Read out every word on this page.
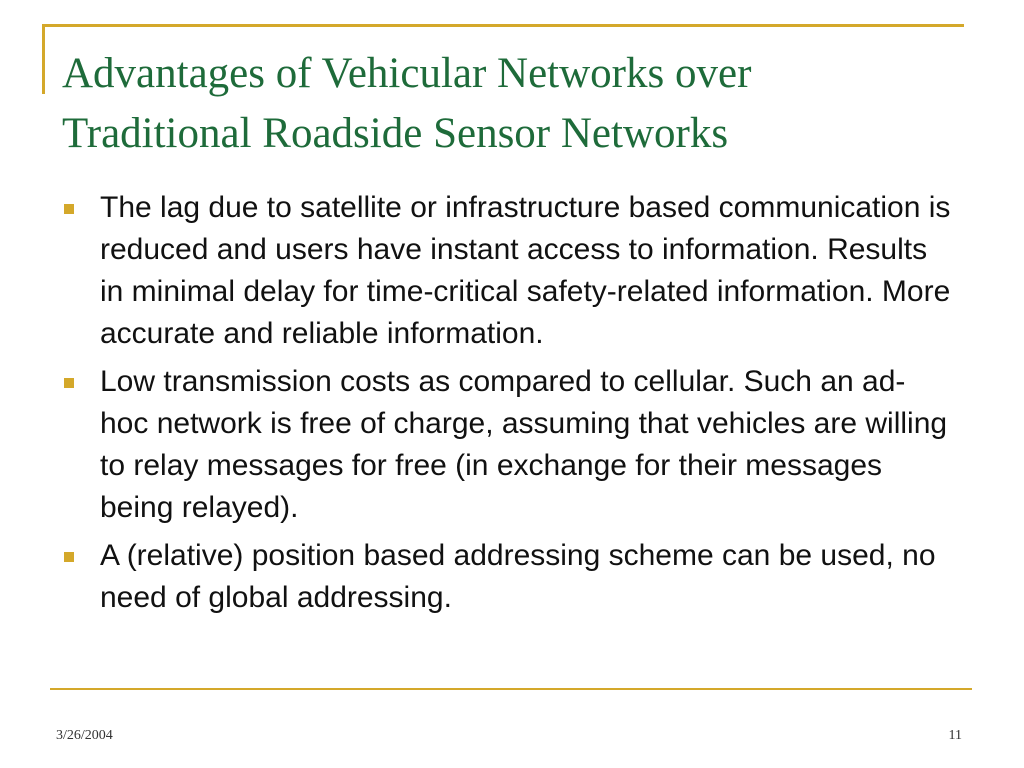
Advantages of Vehicular Networks over
Traditional Roadside Sensor Networks
The lag due to satellite or infrastructure based communication is reduced and users have instant access to information. Results in minimal delay for time-critical safety-related information. More accurate and reliable information.
Low transmission costs as compared to cellular. Such an ad-hoc network is free of charge, assuming that vehicles are willing to relay messages for free (in exchange for their messages being relayed).
A (relative) position based addressing scheme can be used, no need of global addressing.
3/26/2004	11
